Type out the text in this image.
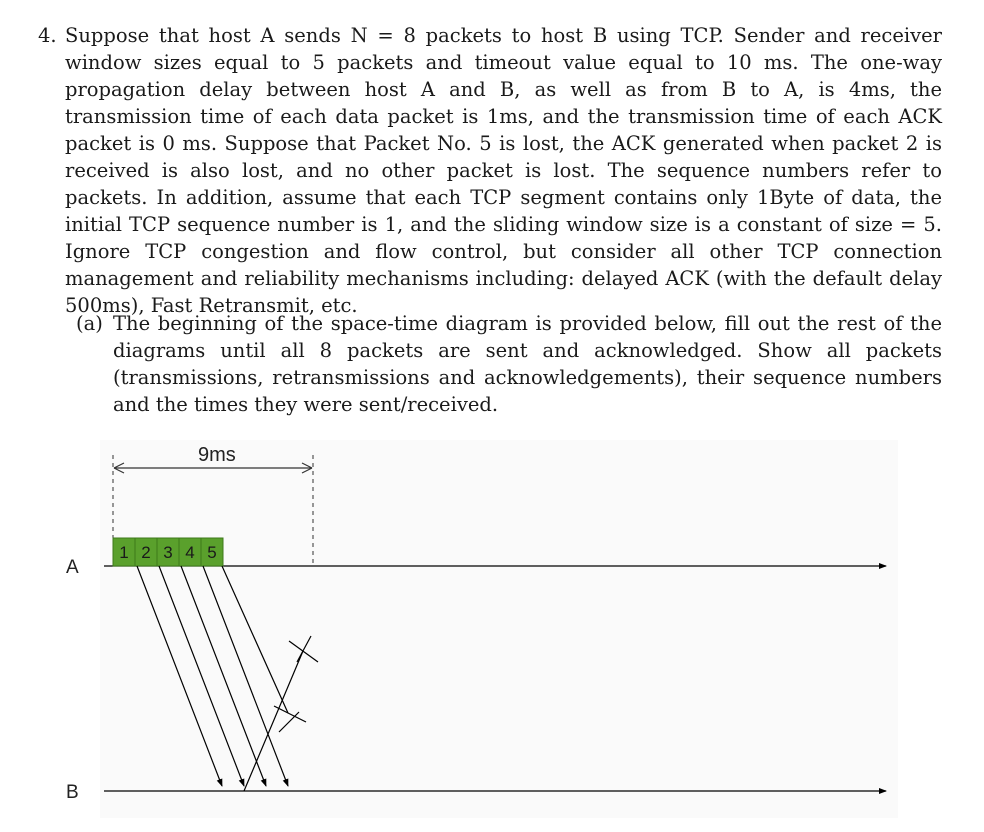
4. Suppose that host A sends N = 8 packets to host B using TCP. Sender and receiver window sizes equal to 5 packets and timeout value equal to 10 ms. The one-way propagation delay between host A and B, as well as from B to A, is 4ms, the transmission time of each data packet is 1ms, and the transmission time of each ACK packet is 0 ms. Suppose that Packet No. 5 is lost, the ACK generated when packet 2 is received is also lost, and no other packet is lost. The sequence numbers refer to packets. In addition, assume that each TCP segment contains only 1Byte of data, the initial TCP sequence number is 1, and the sliding window size is a constant of size = 5. Ignore TCP congestion and flow control, but consider all other TCP connection management and reliability mechanisms including: delayed ACK (with the default delay 500ms), Fast Retransmit, etc.
(a) The beginning of the space-time diagram is provided below, fill out the rest of the diagrams until all 8 packets are sent and acknowledged. Show all packets (transmissions, retransmissions and acknowledgements), their sequence numbers and the times they were sent/received.
9ms
A
B
1 2 3 4 5
